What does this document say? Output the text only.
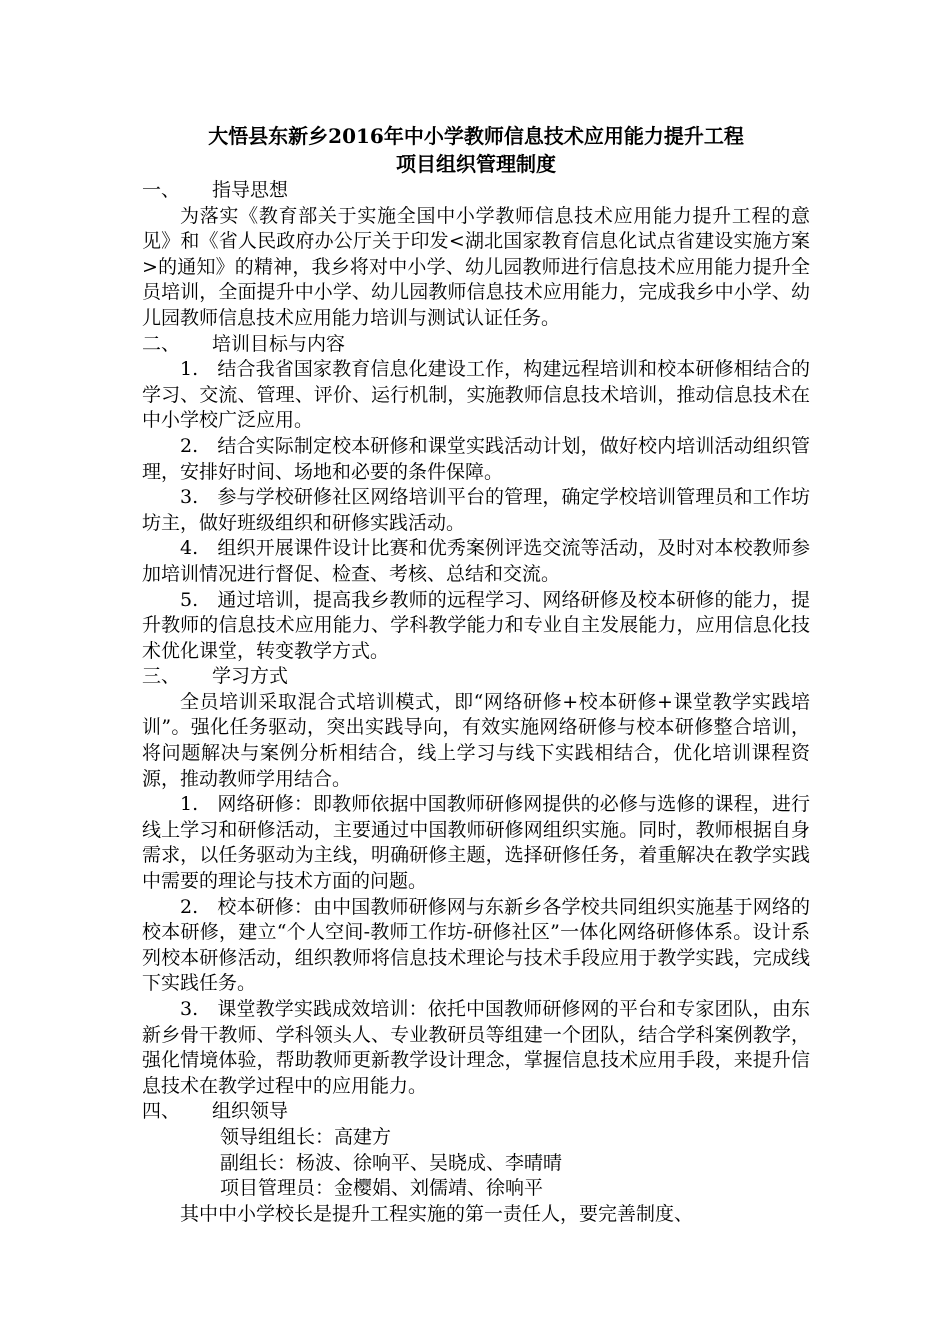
大悟县东新乡2016年中小学教师信息技术应用能力提升工程
项目组织管理制度
一、 指导思想

为落实《教育部关于实施全国中小学教师信息技术应用能力提升工程的意见》和《省人民政府办公厅关于印发<湖北国家教育信息化试点省建设实施方案>的通知》的精神，我乡将对中小学、幼儿园教师进行信息技术应用能力提升全员培训，全面提升中小学、幼儿园教师信息技术应用能力，完成我乡中小学、幼儿园教师信息技术应用能力培训与测试认证任务。

二、 培训目标与内容

1.　结合我省国家教育信息化建设工作，构建远程培训和校本研修相结合的学习、交流、管理、评价、运行机制，实施教师信息技术培训，推动信息技术在中小学校广泛应用。

2.　结合实际制定校本研修和课堂实践活动计划，做好校内培训活动组织管理，安排好时间、场地和必要的条件保障。

3.　参与学校研修社区网络培训平台的管理，确定学校培训管理员和工作坊坊主，做好班级组织和研修实践活动。

4.　组织开展课件设计比赛和优秀案例评选交流等活动，及时对本校教师参加培训情况进行督促、检查、考核、总结和交流。

5.　通过培训，提高我乡教师的远程学习、网络研修及校本研修的能力，提升教师的信息技术应用能力、学科教学能力和专业自主发展能力，应用信息化技术优化课堂，转变教学方式。

三、 学习方式

全员培训采取混合式培训模式，即“网络研修+校本研修+课堂教学实践培训”。强化任务驱动，突出实践导向，有效实施网络研修与校本研修整合培训，将问题解决与案例分析相结合，线上学习与线下实践相结合，优化培训课程资源，推动教师学用结合。

1.　网络研修：即教师依据中国教师研修网提供的必修与选修的课程，进行线上学习和研修活动，主要通过中国教师研修网组织实施。同时，教师根据自身需求，以任务驱动为主线，明确研修主题，选择研修任务，着重解决在教学实践中需要的理论与技术方面的问题。

2.　校本研修：由中国教师研修网与东新乡各学校共同组织实施基于网络的校本研修，建立“个人空间-教师工作坊-研修社区”一体化网络研修体系。设计系列校本研修活动，组织教师将信息技术理论与技术手段应用于教学实践，完成线下实践任务。

3.　课堂教学实践成效培训：依托中国教师研修网的平台和专家团队，由东新乡骨干教师、学科领头人、专业教研员等组建一个团队，结合学科案例教学，强化情境体验，帮助教师更新教学设计理念，掌握信息技术应用手段，来提升信息技术在教学过程中的应用能力。

四、 组织领导
领导组组长：高建方
副组长：杨波、徐响平、吴晓成、李晴晴
项目管理员：金樱娟、刘儒靖、徐响平

其中中小学校长是提升工程实施的第一责任人，要完善制度、
